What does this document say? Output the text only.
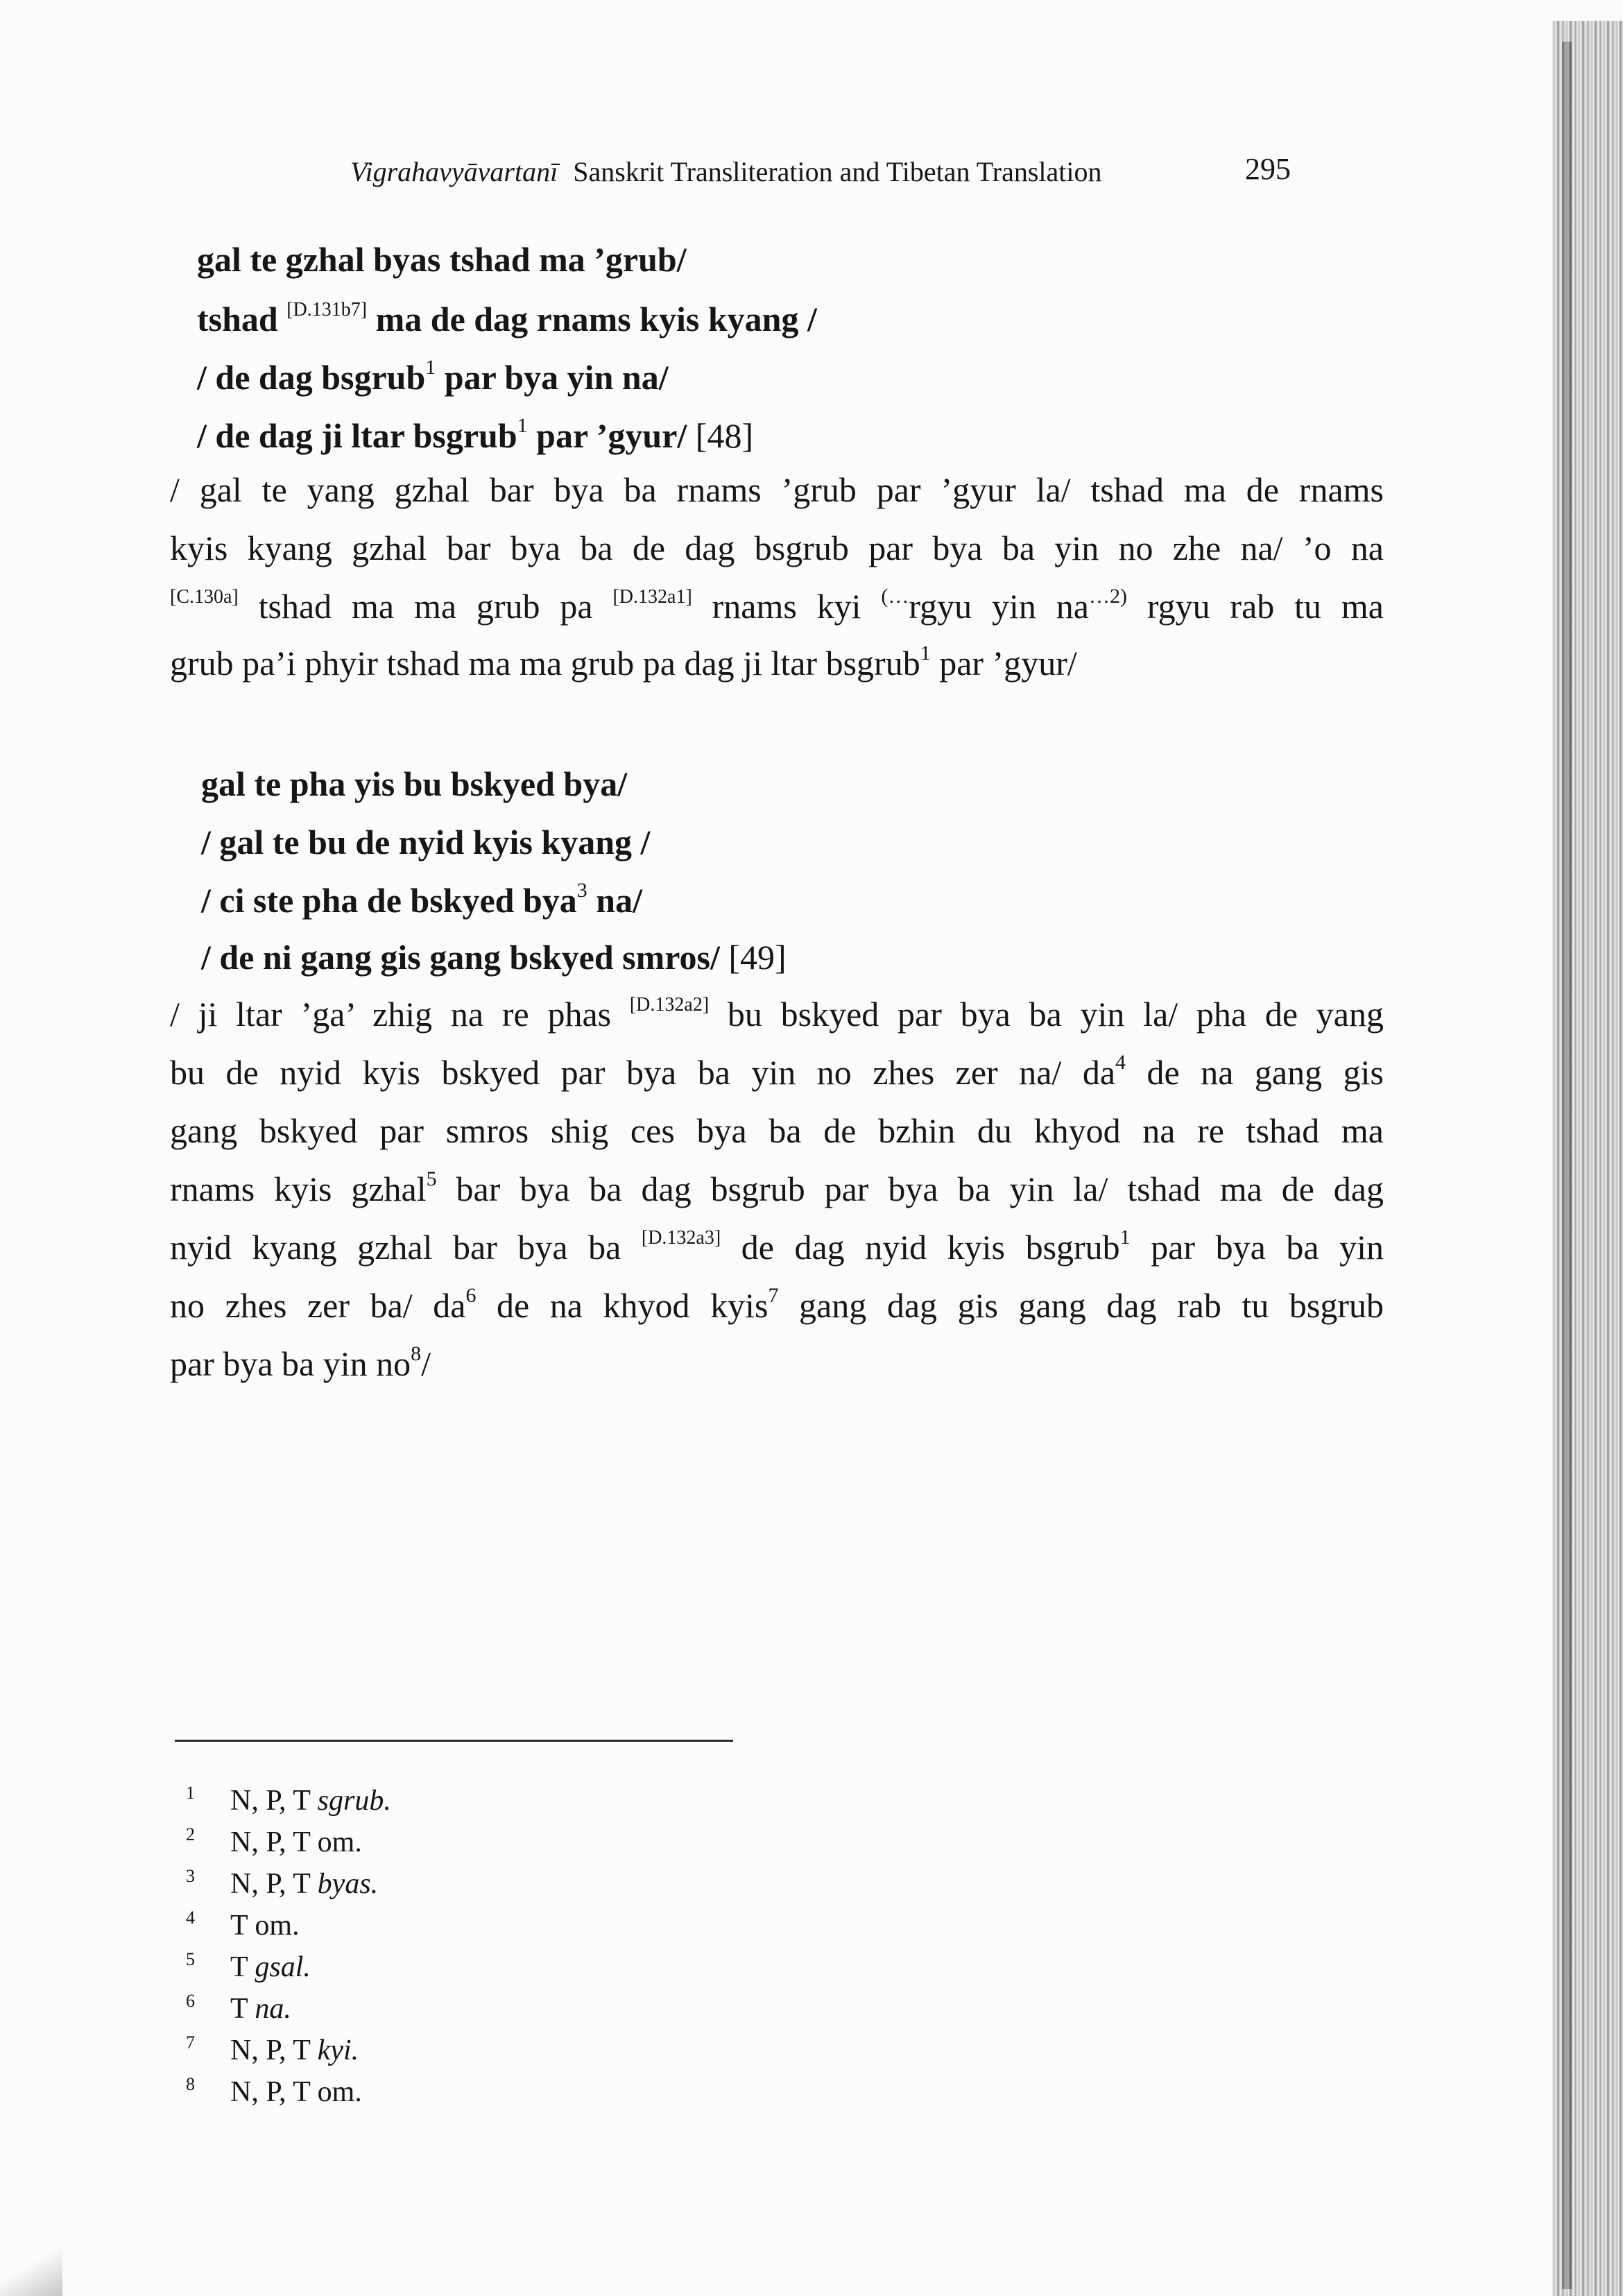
Vigrahavyāvartanī Sanskrit Transliteration and Tibetan Translation	295
gal te gzhal byas tshad ma ’grub/
tshad [D.131b7] ma de dag rnams kyis kyang /
/ de dag bsgrub$^1$ par bya yin na/
/ de dag ji ltar bsgrub$^1$ par ’gyur/ [48]
/ gal te yang gzhal bar bya ba rnams ’grub par ’gyur la/ tshad ma de rnams
kyis kyang gzhal bar bya ba de dag bsgrub par bya ba yin no zhe na/ ’o na
[C.130a] tshad ma ma grub pa [D.132a1] rnams kyi (…rgyu yin $na^{\dots 2)}$ rgyu rab tu ma
grub pa’i phyir tshad ma ma grub pa dag ji ltar bsgrub$^1$ par ’gyur/
gal te pha yis bu bskyed bya/
/ gal te bu de nyid kyis kyang /
/ ci ste pha de bskyed bya$^3$ na/
/ de ni gang gis gang bskyed smros/ [49]
/ ji ltar ’ga’ zhig na re phas [D.132a2] bu bskyed par bya ba yin la/ pha de yang
bu de nyid kyis bskyed par bya ba yin no zhes zer na/ $da^4$ de na gang gis
gang bskyed par smros shig ces bya ba de bzhin du khyod na re tshad ma
rnams kyis gzhal$^5$ bar bya ba dag bsgrub par bya ba yin la/ tshad ma de dag
nyid kyang gzhal bar bya ba [D.132a3] de dag nyid kyis bsgrub$^1$ par bya ba yin
no zhes zer ba/ $da^6$ de na khyod kyis$^7$ gang dag gis gang dag rab tu bsgrub
par bya ba yin $no^8/$
1 N, P, T sgrub.
2 N, P, T om.
3 N, P, T byas.
4 T om.
5 T gsal.
6 T na.
7 N, P, T kyi.
8 N, P, T om.
